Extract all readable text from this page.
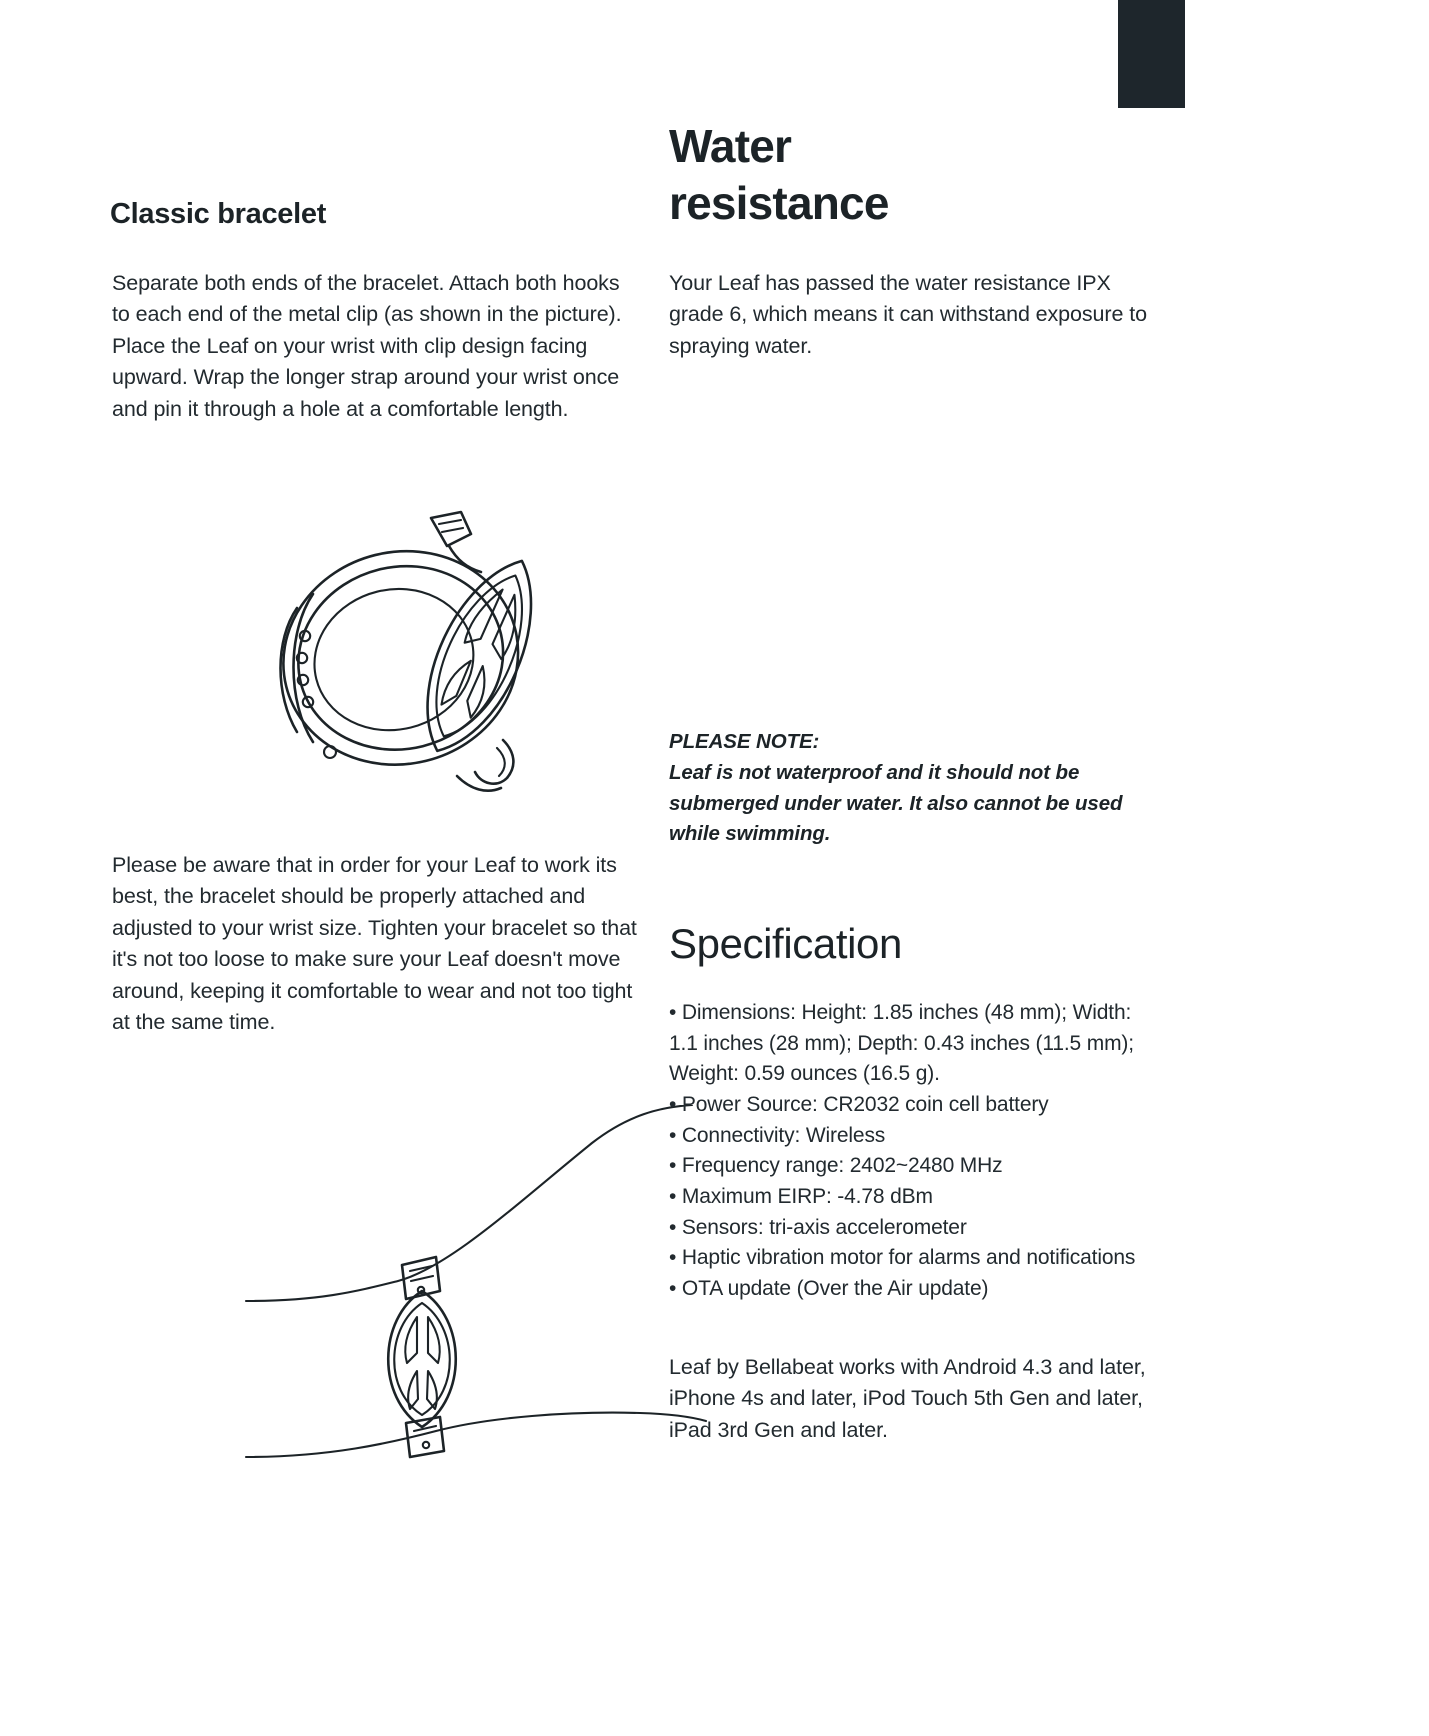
Classic bracelet

Separate both ends of the bracelet. Attach both hooks to each end of the metal clip (as shown in the picture). Place the Leaf on your wrist with clip design facing upward. Wrap the longer strap around your wrist once and pin it through a hole at a comfortable length.

Please be aware that in order for your Leaf to work its best, the bracelet should be properly attached and adjusted to your wrist size. Tighten your bracelet so that it's not too loose to make sure your Leaf doesn't move around, keeping it comfortable to wear and not too tight at the same time.

Water resistance

Your Leaf has passed the water resistance IPX grade 6, which means it can withstand exposure to spraying water.

PLEASE NOTE:
Leaf is not waterproof and it should not be submerged under water. It also cannot be used while swimming.
Specification
• Dimensions: Height: 1.85 inches (48 mm); Width: 1.1 inches (28 mm); Depth: 0.43 inches (11.5 mm); Weight: 0.59 ounces (16.5 g).
• Power Source: CR2032 coin cell battery
• Connectivity: Wireless
• Frequency range: 2402~2480 MHz
• Maximum EIRP: -4.78 dBm
• Sensors: tri-axis accelerometer
• Haptic vibration motor for alarms and notifications
• OTA update (Over the Air update)

Leaf by Bellabeat works with Android 4.3 and later, iPhone 4s and later, iPod Touch 5th Gen and later, iPad 3rd Gen and later.
